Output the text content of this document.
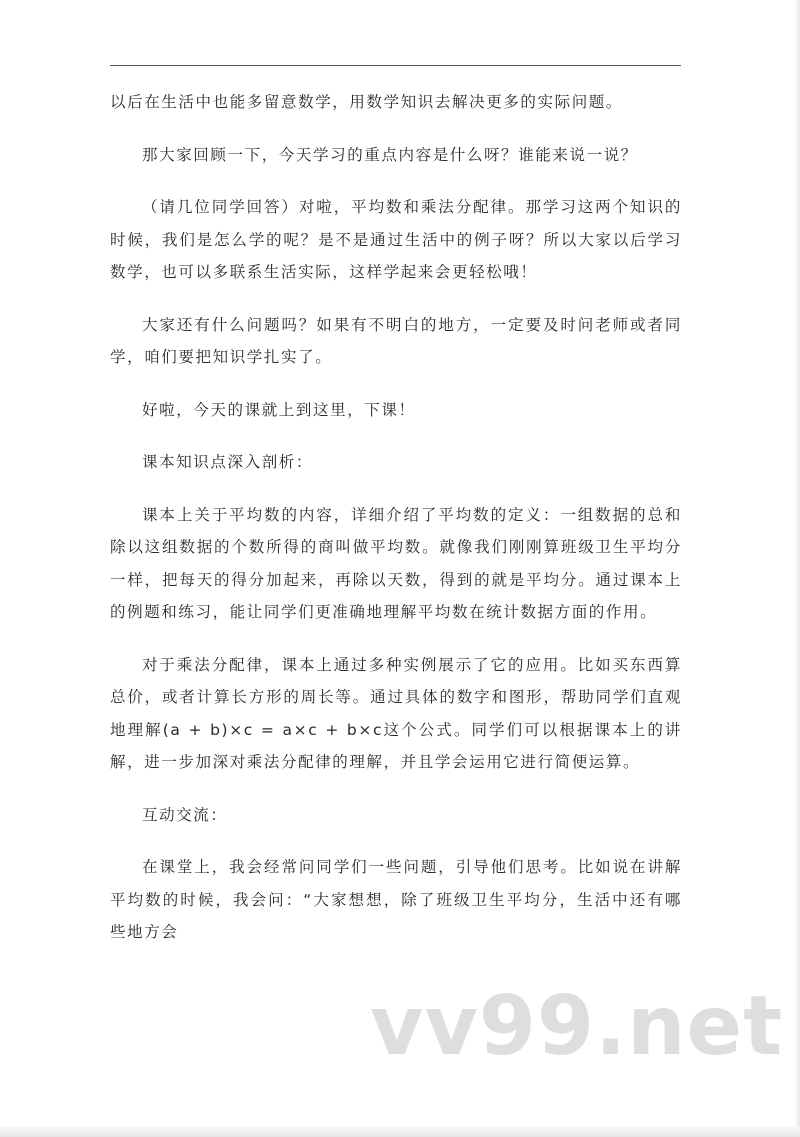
以后在生活中也能多留意数学，用数学知识去解决更多的实际问题。

那大家回顾一下，今天学习的重点内容是什么呀？谁能来说一说？

（请几位同学回答）对啦，平均数和乘法分配律。那学习这两个知识的时候，我们是怎么学的呢？是不是通过生活中的例子呀？所以大家以后学习数学，也可以多联系生活实际，这样学起来会更轻松哦！

大家还有什么问题吗？如果有不明白的地方，一定要及时问老师或者同学，咱们要把知识学扎实了。

好啦，今天的课就上到这里，下课！

课本知识点深入剖析：

课本上关于平均数的内容，详细介绍了平均数的定义：一组数据的总和除以这组数据的个数所得的商叫做平均数。就像我们刚刚算班级卫生平均分一样，把每天的得分加起来，再除以天数，得到的就是平均分。通过课本上的例题和练习，能让同学们更准确地理解平均数在统计数据方面的作用。

对于乘法分配律，课本上通过多种实例展示了它的应用。比如买东西算总价，或者计算长方形的周长等。通过具体的数字和图形，帮助同学们直观地理解(a + b)×c = a×c + b×c这个公式。同学们可以根据课本上的讲解，进一步加深对乘法分配律的理解，并且学会运用它进行简便运算。

互动交流：

在课堂上，我会经常问同学们一些问题，引导他们思考。比如说在讲解平均数的时候，我会问：“大家想想，除了班级卫生平均分，生活中还有哪些地方会

vv99.net
